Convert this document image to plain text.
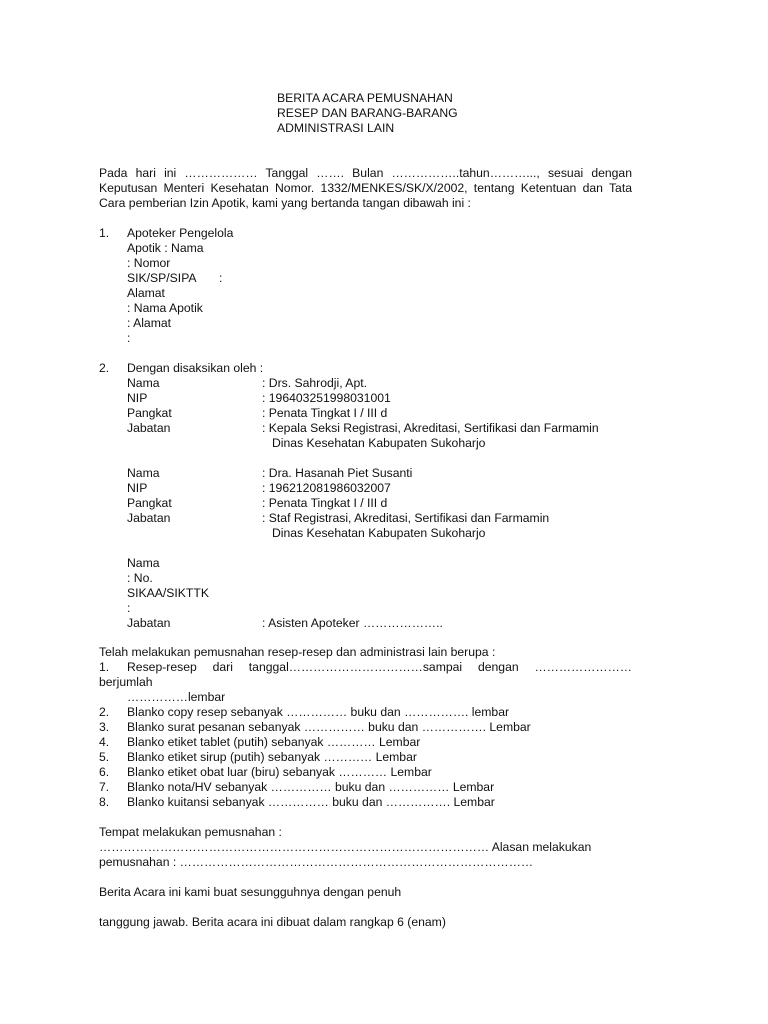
BERITA ACARA PEMUSNAHAN
RESEP DAN BARANG-BARANG
ADMINISTRASI LAIN
Pada hari ini ……………… Tanggal ……. Bulan ……………..tahun………..., sesuai dengan
Keputusan Menteri Kesehatan Nomor. 1332/MENKES/SK/X/2002, tentang Ketentuan dan Tata
Cara pemberian Izin Apotik, kami yang bertanda tangan dibawah ini :
1. Apoteker Pengelola
Apotik : Nama
: Nomor
SIK/SP/SIPA :
Alamat
: Nama Apotik
: Alamat
:
2. Dengan disaksikan oleh :
Nama	: Drs. Sahrodji, Apt.
NIP	: 196403251998031001
Pangkat	: Penata Tingkat I / III d
Jabatan	: Kepala Seksi Registrasi, Akreditasi, Sertifikasi dan Farmamin
Dinas Kesehatan Kabupaten Sukoharjo
Nama	: Dra. Hasanah Piet Susanti
NIP	: 196212081986032007
Pangkat	: Penata Tingkat I / III d
Jabatan	: Staf Registrasi, Akreditasi, Sertifikasi dan Farmamin
Dinas Kesehatan Kabupaten Sukoharjo
Nama
: No.
SIKAA/SIKTTK
:
Jabatan	: Asisten Apoteker ………………..
Telah melakukan pemusnahan resep-resep dan administrasi lain berupa :
1. Resep-resep dari tanggal……………………………sampai dengan ……………………
berjumlah
……………lembar
2. Blanko copy resep sebanyak …………… buku dan ……………. lembar
3. Blanko surat pesanan sebanyak …………… buku dan ……………. Lembar
4. Blanko etiket tablet (putih) sebanyak ………… Lembar
5. Blanko etiket sirup (putih) sebanyak ………… Lembar
6. Blanko etiket obat luar (biru) sebanyak ………… Lembar
7. Blanko nota/HV sebanyak …………… buku dan …………… Lembar
8. Blanko kuitansi sebanyak …………… buku dan ……………. Lembar
Tempat melakukan pemusnahan :
…………………………………………………………………………………… Alasan melakukan
pemusnahan : ……………………………………………………………………………
Berita Acara ini kami buat sesungguhnya dengan penuh
tanggung jawab. Berita acara ini dibuat dalam rangkap 6 (enam)
